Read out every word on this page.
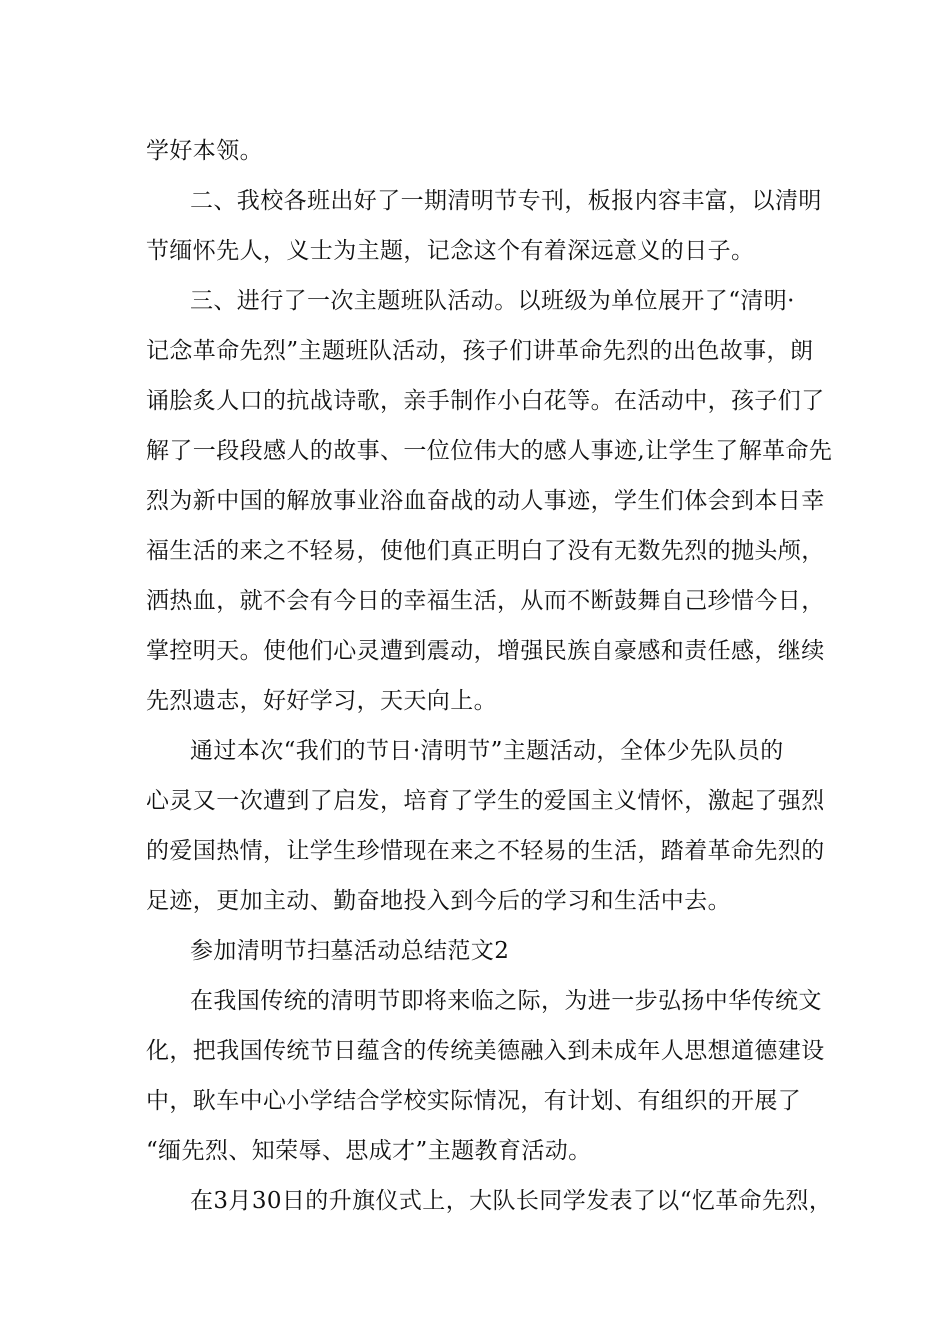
学好本领。
二、我校各班出好了一期清明节专刊，板报内容丰富，以清明
节缅怀先人，义士为主题，记念这个有着深远意义的日子。
三、进行了一次主题班队活动。以班级为单位展开了“清明·
记念革命先烈”主题班队活动，孩子们讲革命先烈的出色故事，朗
诵脍炙人口的抗战诗歌，亲手制作小白花等。在活动中，孩子们了
解了一段段感人的故事、一位位伟大的感人事迹,让学生了解革命先
烈为新中国的解放事业浴血奋战的动人事迹，学生们体会到本日幸
福生活的来之不轻易，使他们真正明白了没有无数先烈的抛头颅，
洒热血，就不会有今日的幸福生活，从而不断鼓舞自己珍惜今日，
掌控明天。使他们心灵遭到震动，增强民族自豪感和责任感，继续
先烈遗志，好好学习，天天向上。
通过本次“我们的节日·清明节”主题活动，全体少先队员的
心灵又一次遭到了启发，培育了学生的爱国主义情怀，激起了强烈
的爱国热情，让学生珍惜现在来之不轻易的生活，踏着革命先烈的
足迹，更加主动、勤奋地投入到今后的学习和生活中去。
参加清明节扫墓活动总结范文2
在我国传统的清明节即将来临之际，为进一步弘扬中华传统文
化，把我国传统节日蕴含的传统美德融入到未成年人思想道德建设
中，耿车中心小学结合学校实际情况，有计划、有组织的开展了
“缅先烈、知荣辱、思成才”主题教育活动。
在3月30日的升旗仪式上，大队长同学发表了以“忆革命先烈，
